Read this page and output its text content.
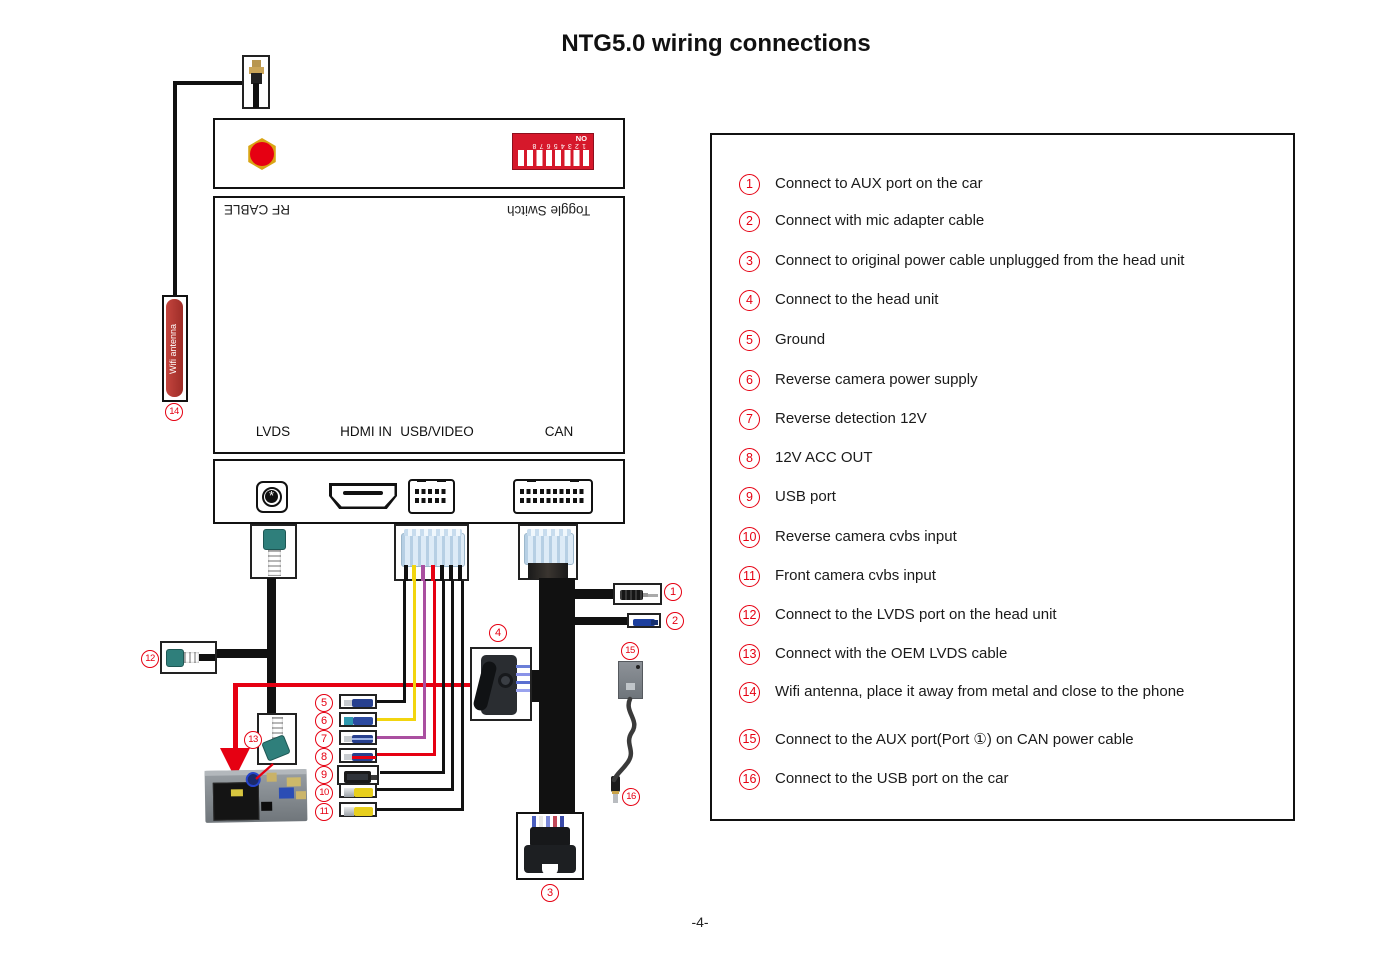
NTG5.0 wiring connections
Wifi antenna
14
12345678
ON
RF CABLE	Toggle Switch
LVDS	HDMI IN USB/VIDEO	CAN
*
12
13
5
6
7
8
9
10
11
1
2
4
3
15
16
1	Connect to AUX port on the car
2	Connect with mic adapter cable
3	Connect to original power cable unplugged from the head unit
4	Connect to the head unit
5	Ground
6	Reverse camera power supply
7	Reverse detection 12V
8	12V ACC OUT
9	USB port
10 Reverse camera cvbs input
11 Front camera cvbs input
12 Connect to the LVDS port on the head unit
13 Connect with the OEM LVDS cable
14 Wifi antenna, place it away from metal and close to the phone
15 Connect to the AUX port(Port ①) on CAN power cable
16 Connect to the USB port on the car
-4-
